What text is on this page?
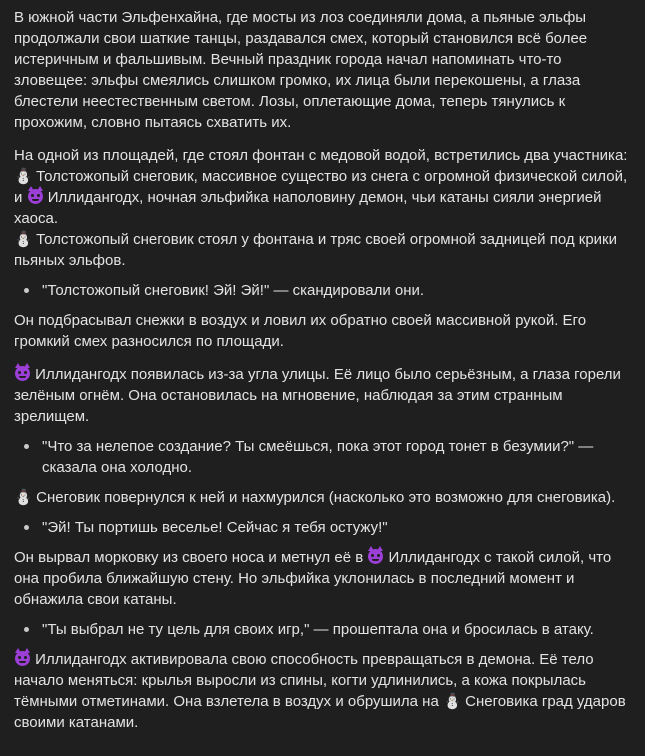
В южной части Эльфенхайна, где мосты из лоз соединяли дома, а пьяные эльфы продолжали свои шаткие танцы, раздавался смех, который становился всё более истеричным и фальшивым. Вечный праздник города начал напоминать что-то зловещее: эльфы смеялись слишком громко, их лица были перекошены, а глаза блестели неестественным светом. Лозы, оплетающие дома, теперь тянулись к прохожим, словно пытаясь схватить их.

На одной из площадей, где стоял фонтан с медовой водой, встретились два участника:
⛄ Толстожопый снеговик, массивное существо из снега с огромной физической силой, и Иллидангодх, ночная эльфийка наполовину демон, чьи катаны сияли энергией хаоса.
⛄ Толстожопый снеговик стоял у фонтана и тряс своей огромной задницей под крики пьяных эльфов.

"Толстожопый снеговик! Эй! Эй!" — скандировали они.

Он подбрасывал снежки в воздух и ловил их обратно своей массивной рукой. Его громкий смех разносился по площади.

Иллидангодх появилась из-за угла улицы. Её лицо было серьёзным, а глаза горели зелёным огнём. Она остановилась на мгновение, наблюдая за этим странным зрелищем.

"Что за нелепое создание? Ты смеёшься, пока этот город тонет в безумии?" — сказала она холодно.

⛄ Снеговик повернулся к ней и нахмурился (насколько это возможно для снеговика).

"Эй! Ты портишь веселье! Сейчас я тебя остужу!"

Он вырвал морковку из своего носа и метнул её в Иллидангодх с такой силой, что она пробила ближайшую стену. Но эльфийка уклонилась в последний момент и обнажила свои катаны.

"Ты выбрал не ту цель для своих игр," — прошептала она и бросилась в атаку.

Иллидангодх активировала свою способность превращаться в демона. Её тело начало меняться: крылья выросли из спины, когти удлинились, а кожа покрылась тёмными отметинами. Она взлетела в воздух и обрушила на ⛄ Снеговика град ударов своими катанами.
